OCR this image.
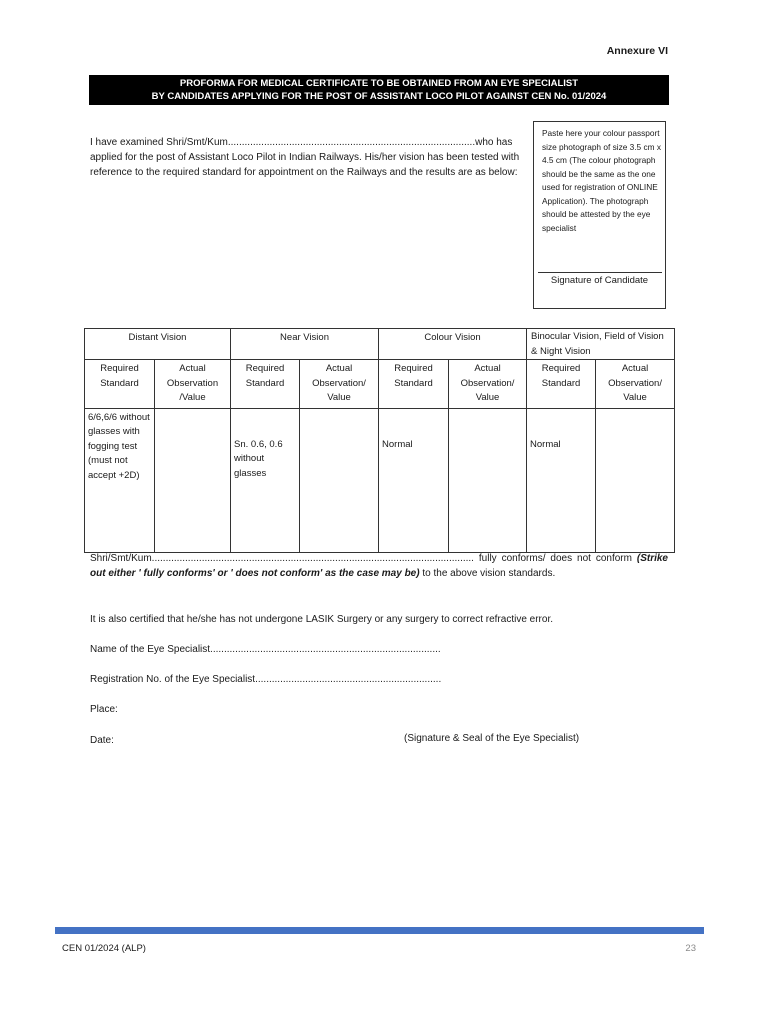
Annexure VI
PROFORMA FOR MEDICAL CERTIFICATE TO BE OBTAINED FROM AN EYE SPECIALIST
BY CANDIDATES APPLYING FOR THE POST OF ASSISTANT LOCO PILOT AGAINST CEN No. 01/2024
I have examined Shri/Smt/Kum.........................................................................................who has applied for the post of Assistant Loco Pilot in Indian Railways. His/her vision has been tested with reference to the required standard for appointment on the Railways and the results are as below:
Paste here your colour passport size photograph of size 3.5 cm x 4.5 cm (The colour photograph should be the same as the one used for registration of ONLINE Application). The photograph should be attested by the eye specialist
Signature of Candidate
Distant Vision		Near Vision		Colour Vision		Binocular Vision, Field of Vision & Night Vision	
Required Standard	Actual Observation /Value	Required Standard	Actual Observation/ Value	Required Standard	Actual Observation/ Value	Required Standard	Actual Observation/ Value
6/6,6/6 without glasses with fogging test (must not accept +2D)		Sn. 0.6, 0.6 without glasses		Normal		Normal	
Shri/Smt/Kum.................................................................................................................... fully conforms/ does not conform (Strike out either ' fully conforms' or ' does not conform' as the case may be) to the above vision standards.
It is also certified that he/she has not undergone LASIK Surgery or any surgery to correct refractive error.
Name of the Eye Specialist...................................................................................
Registration No. of the Eye Specialist...................................................................
Place:
Date:	(Signature & Seal of the Eye Specialist)
CEN 01/2024 (ALP)	23
